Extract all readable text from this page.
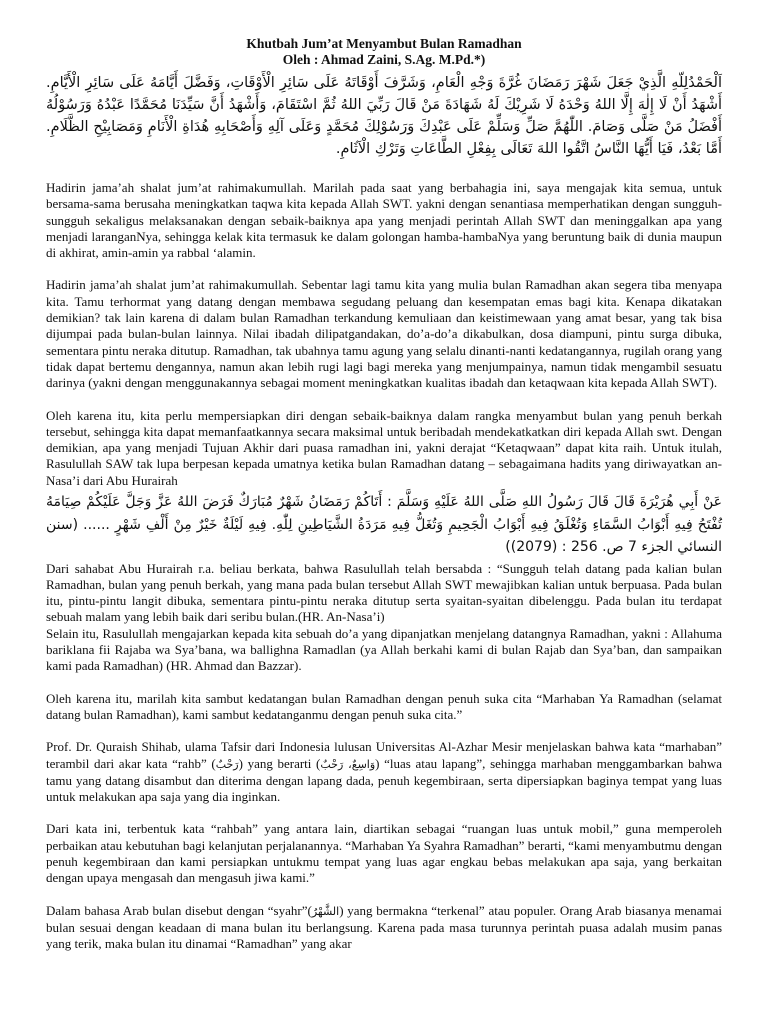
Khutbah Jum’at Menyambut Bulan Ramadhan

Oleh : Ahmad Zaini, S.Ag. M.Pd.*)

اَلْحَمْدُلِلّهِ الَّذِيْ جَعَلَ شَهْرَ رَمَضَانَ غُرَّةَ وَجْهِ الْعَامِ، وَشَرَّفَ أَوْقَاتَهُ عَلَى سَائِرِ الْأَوْقَاتِ، وَفَضَّلَ أَيَّامَهُ عَلَى سَائِرِ الْأَيَّامِ. أَشْهَدُ أَنْ لَا إِلٰهَ إِلَّا اللهُ وَحْدَهُ لَا شَرِيْكَ لَهُ شَهَادَةَ مَنْ قَالَ رَبِّيَ اللهُ ثُمَّ اسْتَقَامَ، وَأَشْهَدُ أَنَّ سَيِّدَنَا مُحَمَّدًا عَبْدُهُ وَرَسُوْلُهُ أَفْضَلُ مَنْ صَلَّى وَصَامَ. اللّٰهُمَّ صَلِّ وَسَلِّمْ عَلَى عَبْدِكَ وَرَسُوْلِكَ مُحَمَّدٍ وَعَلَى آلِهِ وَأَصْحَابِهِ هُدَاةِ الْأَنَامِ وَمَصَابِيْحِ الظَّلَامِ. أَمَّا بَعْدُ، فَيَا أَيُّهَا النَّاسُ اتَّقُوا اللهَ تَعَالَى بِفِعْلِ الطَّاعَاتِ وَتَرْكِ الْآثَامِ.

Hadirin jama’ah shalat jum’at rahimakumullah. Marilah pada saat yang berbahagia ini, saya mengajak kita semua, untuk bersama-sama berusaha meningkatkan taqwa kita kepada Allah SWT. yakni dengan senantiasa memperhatikan dengan sungguh-sungguh sekaligus melaksanakan dengan sebaik-baiknya apa yang menjadi perintah Allah SWT dan meninggalkan apa yang menjadi laranganNya, sehingga kelak kita termasuk ke dalam golongan hamba-hambaNya yang beruntung baik di dunia maupun di akhirat, amin-amin ya rabbal ‘alamin.

Hadirin jama’ah shalat jum’at rahimakumullah. Sebentar lagi tamu kita yang mulia bulan Ramadhan akan segera tiba menyapa kita. Tamu terhormat yang datang dengan membawa segudang peluang dan kesempatan emas bagi kita. Kenapa dikatakan demikian? tak lain karena di dalam bulan Ramadhan terkandung kemuliaan dan keistimewaan yang amat besar, yang tak bisa dijumpai pada bulan-bulan lainnya. Nilai ibadah dilipatgandakan, do’a-do’a dikabulkan, dosa diampuni, pintu surga dibuka, sementara pintu neraka ditutup. Ramadhan, tak ubahnya tamu agung yang selalu dinanti-nanti kedatangannya, rugilah orang yang tidak dapat bertemu dengannya, namun akan lebih rugi lagi bagi mereka yang menjumpainya, namun tidak mengambil sesuatu darinya (yakni dengan menggunakannya sebagai moment meningkatkan kualitas ibadah dan ketaqwaan kita kepada Allah SWT).

Oleh karena itu, kita perlu mempersiapkan diri dengan sebaik-baiknya dalam rangka menyambut bulan yang penuh berkah tersebut, sehingga kita dapat memanfaatkannya secara maksimal untuk beribadah mendekatkatkan diri kepada Allah swt. Dengan demikian, apa yang menjadi Tujuan Akhir dari puasa ramadhan ini, yakni derajat “Ketaqwaan” dapat kita raih. Untuk itulah, Rasulullah SAW tak lupa berpesan kepada umatnya ketika bulan Ramadhan datang – sebagaimana hadits yang diriwayatkan an-Nasa’i dari Abu Hurairah

عَنْ أَبِي هُرَيْرَةَ قَالَ قَالَ رَسُولُ اللهِ صَلَّى اللهُ عَلَيْهِ وَسَلَّمَ : أَتَاكُمْ رَمَضَانُ شَهْرٌ مُبَارَكٌ فَرَضَ اللهُ عَزَّ وَجَلَّ عَلَيْكُمْ صِيَامَهُ تُفْتَحُ فِيهِ أَبْوَابُ السَّمَاءِ وَتُغْلَقُ فِيهِ أَبْوَابُ الْجَحِيمِ وَتُغَلُّ فِيهِ مَرَدَةُ الشَّيَاطِينِ لِلّٰهِ. فِيهِ لَيْلَةٌ خَيْرٌ مِنْ أَلْفِ شَهْرٍ ...... (سنن النسائي الجزء 7 ص. 256 : (2079))

Dari sahabat Abu Hurairah r.a. beliau berkata, bahwa Rasulullah telah bersabda : “Sungguh telah datang pada kalian bulan Ramadhan, bulan yang penuh berkah, yang mana pada bulan tersebut Allah SWT mewajibkan kalian untuk berpuasa. Pada bulan itu, pintu-pintu langit dibuka, sementara pintu-pintu neraka ditutup serta syaitan-syaitan dibelenggu. Pada bulan itu terdapat sebuah malam yang lebih baik dari seribu bulan.(HR. An-Nasa’i)

Selain itu, Rasulullah mengajarkan kepada kita sebuah do’a yang dipanjatkan menjelang datangnya Ramadhan, yakni : Allahuma bariklana fii Rajaba wa Sya’bana, wa ballighna Ramadlan (ya Allah berkahi kami di bulan Rajab dan Sya’ban, dan sampaikan kami pada Ramadhan) (HR. Ahmad dan Bazzar).

Oleh karena itu, marilah kita sambut kedatangan bulan Ramadhan dengan penuh suka cita “Marhaban Ya Ramadhan (selamat datang bulan Ramadhan), kami sambut kedatanganmu dengan penuh suka cita.”

Prof. Dr. Quraish Shihab, ulama Tafsir dari Indonesia lulusan Universitas Al-Azhar Mesir menjelaskan bahwa kata “marhaban” terambil dari akar kata “rahb” (رَحْبٌ) yang berarti (وَاسِعٌ، رَحْبٌ) “luas atau lapang”, sehingga marhaban menggambarkan bahwa tamu yang datang disambut dan diterima dengan lapang dada, penuh kegembiraan, serta dipersiapkan baginya tempat yang luas untuk melakukan apa saja yang dia inginkan.

Dari kata ini, terbentuk kata “rahbah” yang antara lain, diartikan sebagai “ruangan luas untuk mobil,” guna memperoleh perbaikan atau kebutuhan bagi kelanjutan perjalanannya. “Marhaban Ya Syahra Ramadhan” berarti, “kami menyambutmu dengan penuh kegembiraan dan kami persiapkan untukmu tempat yang luas agar engkau bebas melakukan apa saja, yang berkaitan dengan upaya mengasah dan mengasuh jiwa kami.”

Dalam bahasa Arab bulan disebut dengan “syahr”(الشَّهْرُ) yang bermakna “terkenal” atau populer. Orang Arab biasanya menamai bulan sesuai dengan keadaan di mana bulan itu berlangsung. Karena pada masa turunnya perintah puasa adalah musim panas yang terik, maka bulan itu dinamai “Ramadhan” yang akar
